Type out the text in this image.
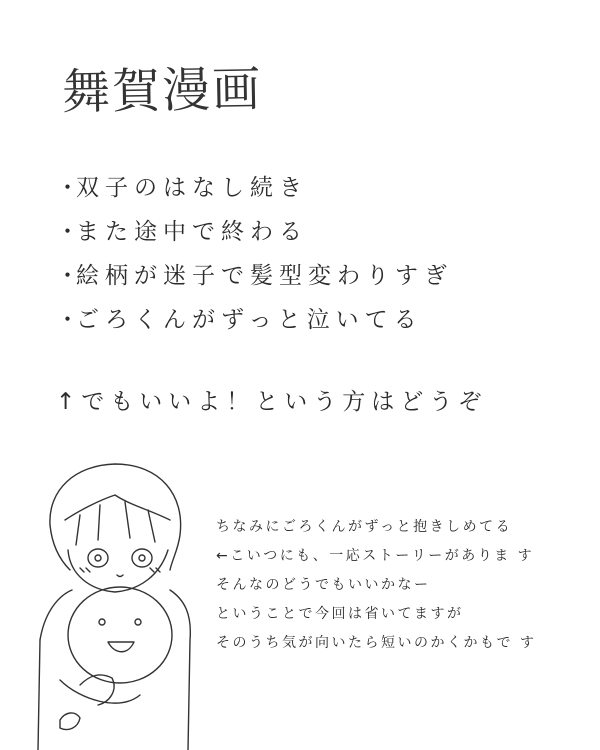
舞賀漫画
・双子のはなし続き
・また途中で終わる
・絵柄が迷子で髪型変わりすぎ
・ごろくんがずっと泣いてる
↑でもいいよ！という方はどうぞ
ちなみにごろくんがずっと抱きしめてる
←こいつにも、一応ストーリーがありま す
そんなのどうでもいいかなー
ということで今回は省いてますが
そのうち気が向いたら短いのかくかもで す
